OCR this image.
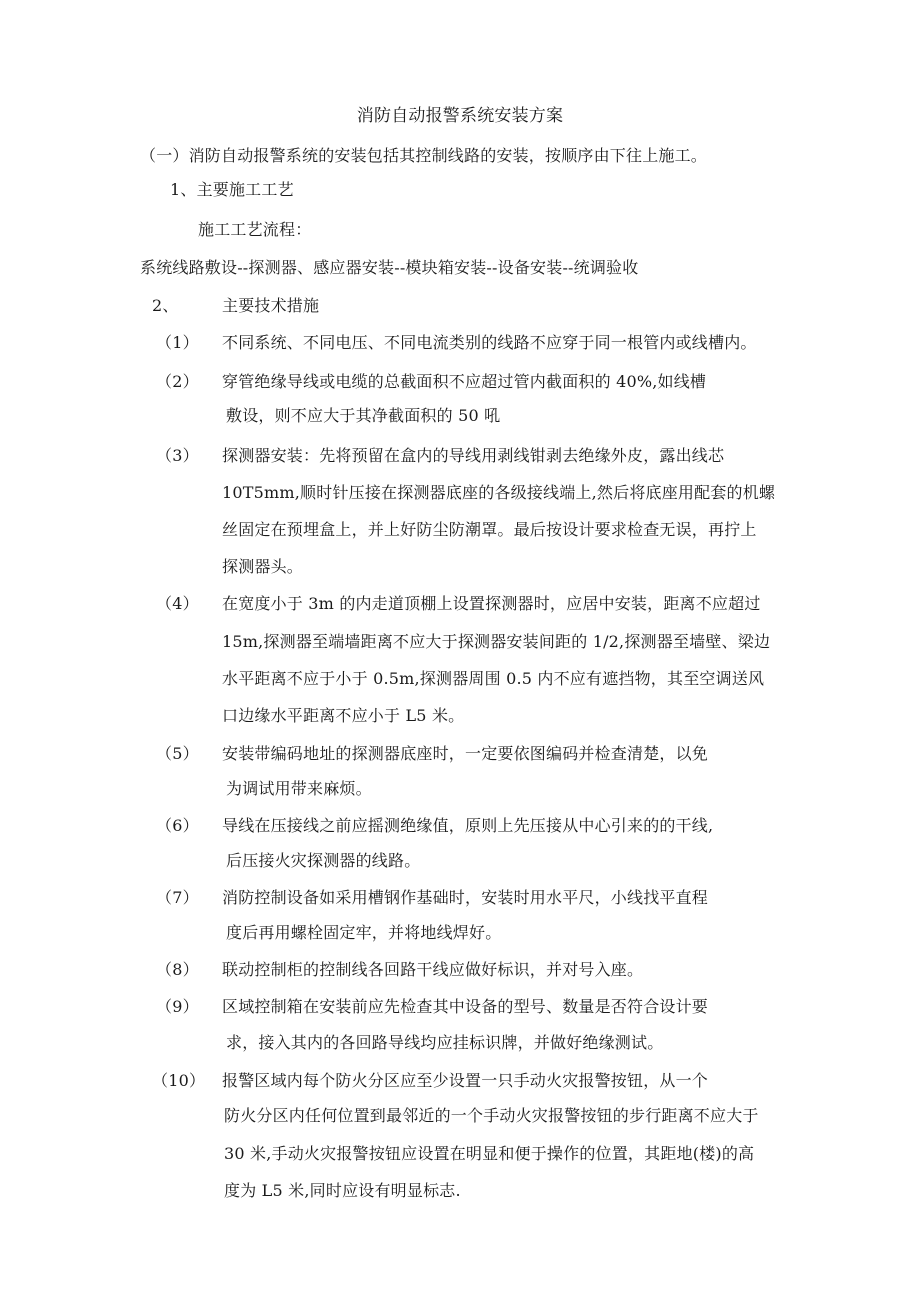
消防自动报警系统安装方案
（一）消防自动报警系统的安装包括其控制线路的安装，按顺序由下往上施工。
1、主要施工工艺
施工工艺流程：
系统线路敷设--探测器、感应器安装--模块箱安装--设备安装--统调验收
2、	主要技术措施
（1） 不同系统、不同电压、不同电流类别的线路不应穿于同一根管内或线槽内。
（2） 穿管绝缘导线或电缆的总截面积不应超过管内截面积的 40%,如线槽
敷设，则不应大于其净截面积的 50 吼
（3） 探测器安装：先将预留在盒内的导线用剥线钳剥去绝缘外皮，露出线芯
10T5mm,顺时针压接在探测器底座的各级接线端上,然后将底座用配套的机螺
丝固定在预埋盒上，并上好防尘防潮罩。最后按设计要求检查无误，再拧上
探测器头。
（4） 在宽度小于 3m 的内走道顶棚上设置探测器时，应居中安装，距离不应超过
15m,探测器至端墙距离不应大于探测器安装间距的 1/2,探测器至墙壁、梁边
水平距离不应于小于 0.5m,探测器周围 0.5 内不应有遮挡物，其至空调送风
口边缘水平距离不应小于 L5 米。
（5） 安装带编码地址的探测器底座时，一定要依图编码并检查清楚，以免
为调试用带来麻烦。
（6） 导线在压接线之前应摇测绝缘值，原则上先压接从中心引来的的干线,
后压接火灾探测器的线路。
（7） 消防控制设备如采用槽钢作基础时，安装时用水平尺，小线找平直程
度后再用螺栓固定牢，并将地线焊好。
（8） 联动控制柜的控制线各回路干线应做好标识，并对号入座。
（9） 区域控制箱在安装前应先检查其中设备的型号、数量是否符合设计要
求，接入其内的各回路导线均应挂标识牌，并做好绝缘测试。
（10） 报警区域内每个防火分区应至少设置一只手动火灾报警按钮，从一个
防火分区内任何位置到最邻近的一个手动火灾报警按钮的步行距离不应大于
30 米,手动火灾报警按钮应设置在明显和便于操作的位置，其距地(楼)的高
度为 L5 米,同时应设有明显标志.
